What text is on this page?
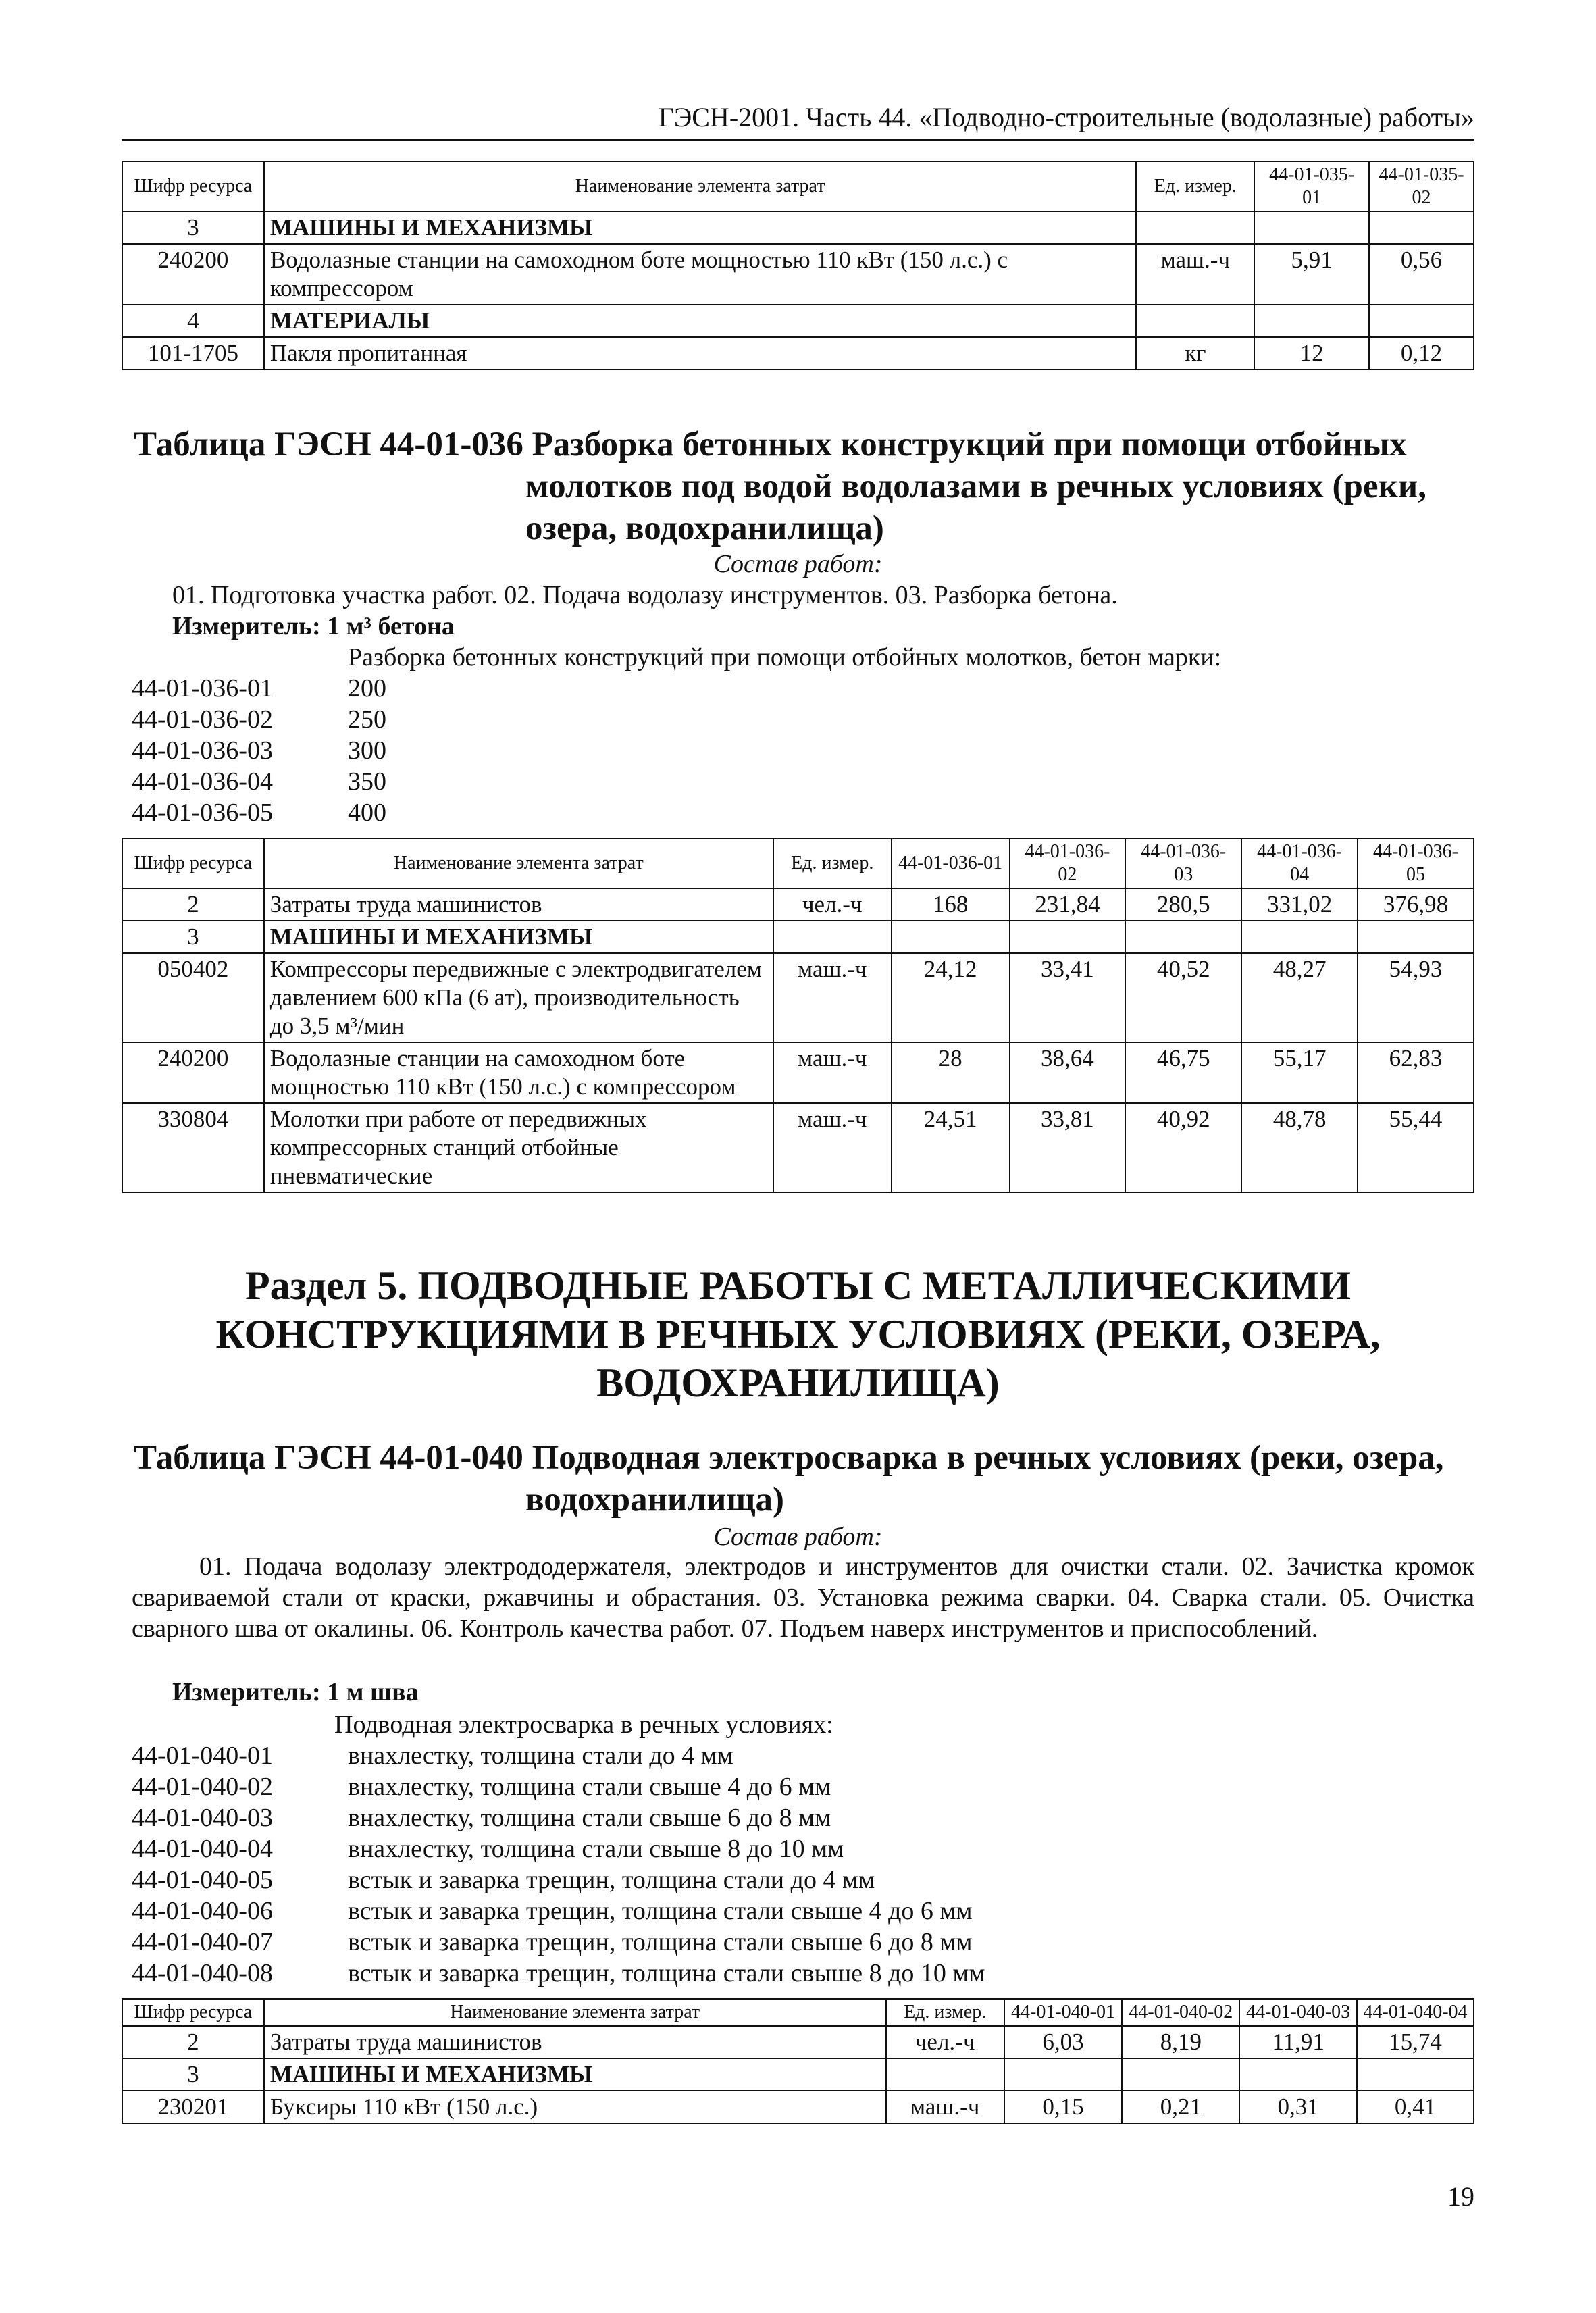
ГЭСН-2001. Часть 44. «Подводно-строительные (водолазные) работы»
Шифр ресурса	Наименование элемента затрат	Ед. измер.	44-01-035-01	44-01-035-02
3	МАШИНЫ И МЕХАНИЗМЫ			
240200	Водолазные станции на самоходном боте мощностью 110 кВт (150 л.с.) с компрессором	маш.-ч	5,91	0,56
4	МАТЕРИАЛЫ			
101-1705	Пакля пропитанная	кг	12	0,12
Таблица ГЭСН 44-01-036 Разборка бетонных конструкций при помощи отбойных
молотков под водой водолазами в речных условиях (реки,
озера, водохранилища)
Состав работ:
01. Подготовка участка работ. 02. Подача водолазу инструментов. 03. Разборка бетона.
Измеритель: 1 м³ бетона
Разборка бетонных конструкций при помощи отбойных молотков, бетон марки:
44-01-036-01	200
44-01-036-02	250
44-01-036-03	300
44-01-036-04	350
44-01-036-05	400
Шифр ресурса	Наименование элемента затрат	Ед. измер.	44-01-036-01	44-01-036-02	44-01-036-03	44-01-036-04	44-01-036-05
2	Затраты труда машинистов	чел.-ч	168	231,84	280,5	331,02	376,98
3	МАШИНЫ И МЕХАНИЗМЫ						
050402	Компрессоры передвижные с электродвигателем давлением 600 кПа (6 ат), производительность до 3,5 м³/мин	маш.-ч	24,12	33,41	40,52	48,27	54,93
240200	Водолазные станции на самоходном боте мощностью 110 кВт (150 л.с.) с компрессором	маш.-ч	28	38,64	46,75	55,17	62,83
330804	Молотки при работе от передвижных компрессорных станций отбойные пневматические	маш.-ч	24,51	33,81	40,92	48,78	55,44
Раздел 5. ПОДВОДНЫЕ РАБОТЫ С МЕТАЛЛИЧЕСКИМИ
КОНСТРУКЦИЯМИ В РЕЧНЫХ УСЛОВИЯХ (РЕКИ, ОЗЕРА,
ВОДОХРАНИЛИЩА)
Таблица ГЭСН 44-01-040 Подводная электросварка в речных условиях (реки, озера,
водохранилища)
Состав работ:
01. Подача водолазу электрододержателя, электродов и инструментов для очистки стали. 02. Зачистка кромок свариваемой стали от краски, ржавчины и обрастания. 03. Установка режима сварки. 04. Сварка стали. 05. Очистка сварного шва от окалины. 06. Контроль качества работ. 07. Подъем наверх инструментов и приспособлений.
Измеритель: 1 м шва
Подводная электросварка в речных условиях:
44-01-040-01	внахлестку, толщина стали до 4 мм
44-01-040-02	внахлестку, толщина стали свыше 4 до 6 мм
44-01-040-03	внахлестку, толщина стали свыше 6 до 8 мм
44-01-040-04	внахлестку, толщина стали свыше 8 до 10 мм
44-01-040-05	встык и заварка трещин, толщина стали до 4 мм
44-01-040-06	встык и заварка трещин, толщина стали свыше 4 до 6 мм
44-01-040-07	встык и заварка трещин, толщина стали свыше 6 до 8 мм
44-01-040-08	встык и заварка трещин, толщина стали свыше 8 до 10 мм
Шифр ресурса	Наименование элемента затрат	Ед. измер.	44-01-040-01	44-01-040-02	44-01-040-03	44-01-040-04
2	Затраты труда машинистов	чел.-ч	6,03	8,19	11,91	15,74
3	МАШИНЫ И МЕХАНИЗМЫ					
230201	Буксиры 110 кВт (150 л.с.)	маш.-ч	0,15	0,21	0,31	0,41
19
